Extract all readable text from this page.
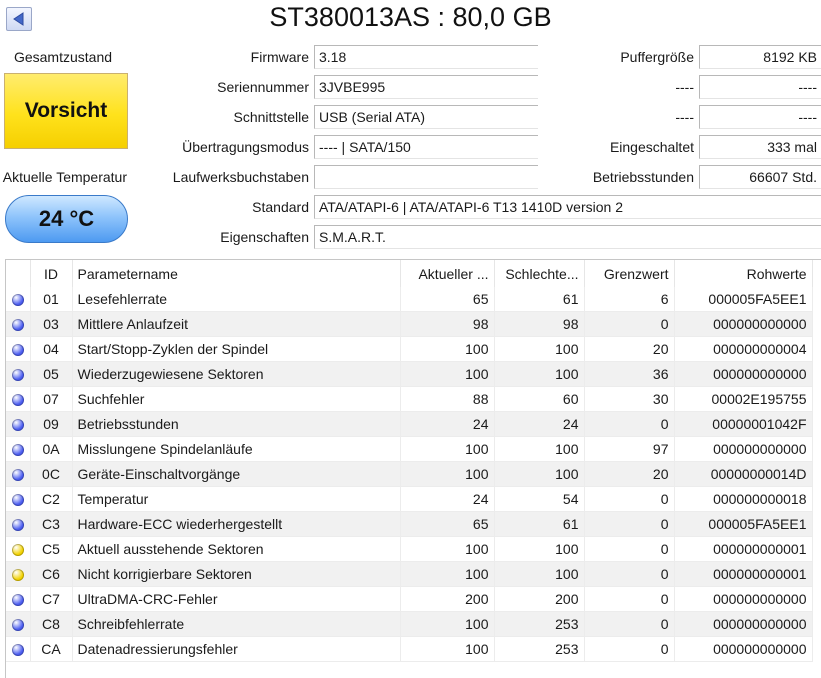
ST380013AS : 80,0 GB
Gesamtzustand
Vorsicht
Aktuelle Temperatur
24 °C
Firmware 3.18
Seriennummer 3JVBE995
Schnittstelle USB (Serial ATA)
Übertragungsmodus ---- | SATA/150
Laufwerksbuchstaben
Standard ATA/ATAPI-6 | ATA/ATAPI-6 T13 1410D version 2
Eigenschaften S.M.A.R.T.
Puffergröße	8192 KB
----	----
----	----
Eingeschaltet	333 mal
Betriebsstunden	66607 Std.
	ID	Parametername	Aktueller ...	Schlechte...	Grenzwert	Rohwerte
	01	Lesefehlerrate	65	61	6	000005FA5EE1
	03	Mittlere Anlaufzeit	98	98	0	000000000000
	04	Start/Stopp-Zyklen der Spindel	100	100	20	000000000004
	05	Wiederzugewiesene Sektoren	100	100	36	000000000000
	07	Suchfehler	88	60	30	00002E195755
	09	Betriebsstunden	24	24	0	00000001042F
	0A	Misslungene Spindelanläufe	100	100	97	000000000000
	0C	Geräte-Einschaltvorgänge	100	100	20	00000000014D
	C2	Temperatur	24	54	0	000000000018
	C3	Hardware-ECC wiederhergestellt	65	61	0	000005FA5EE1
	C5	Aktuell ausstehende Sektoren	100	100	0	000000000001
	C6	Nicht korrigierbare Sektoren	100	100	0	000000000001
	C7	UltraDMA-CRC-Fehler	200	200	0	000000000000
	C8	Schreibfehlerrate	100	253	0	000000000000
	CA	Datenadressierungsfehler	100	253	0	000000000000
